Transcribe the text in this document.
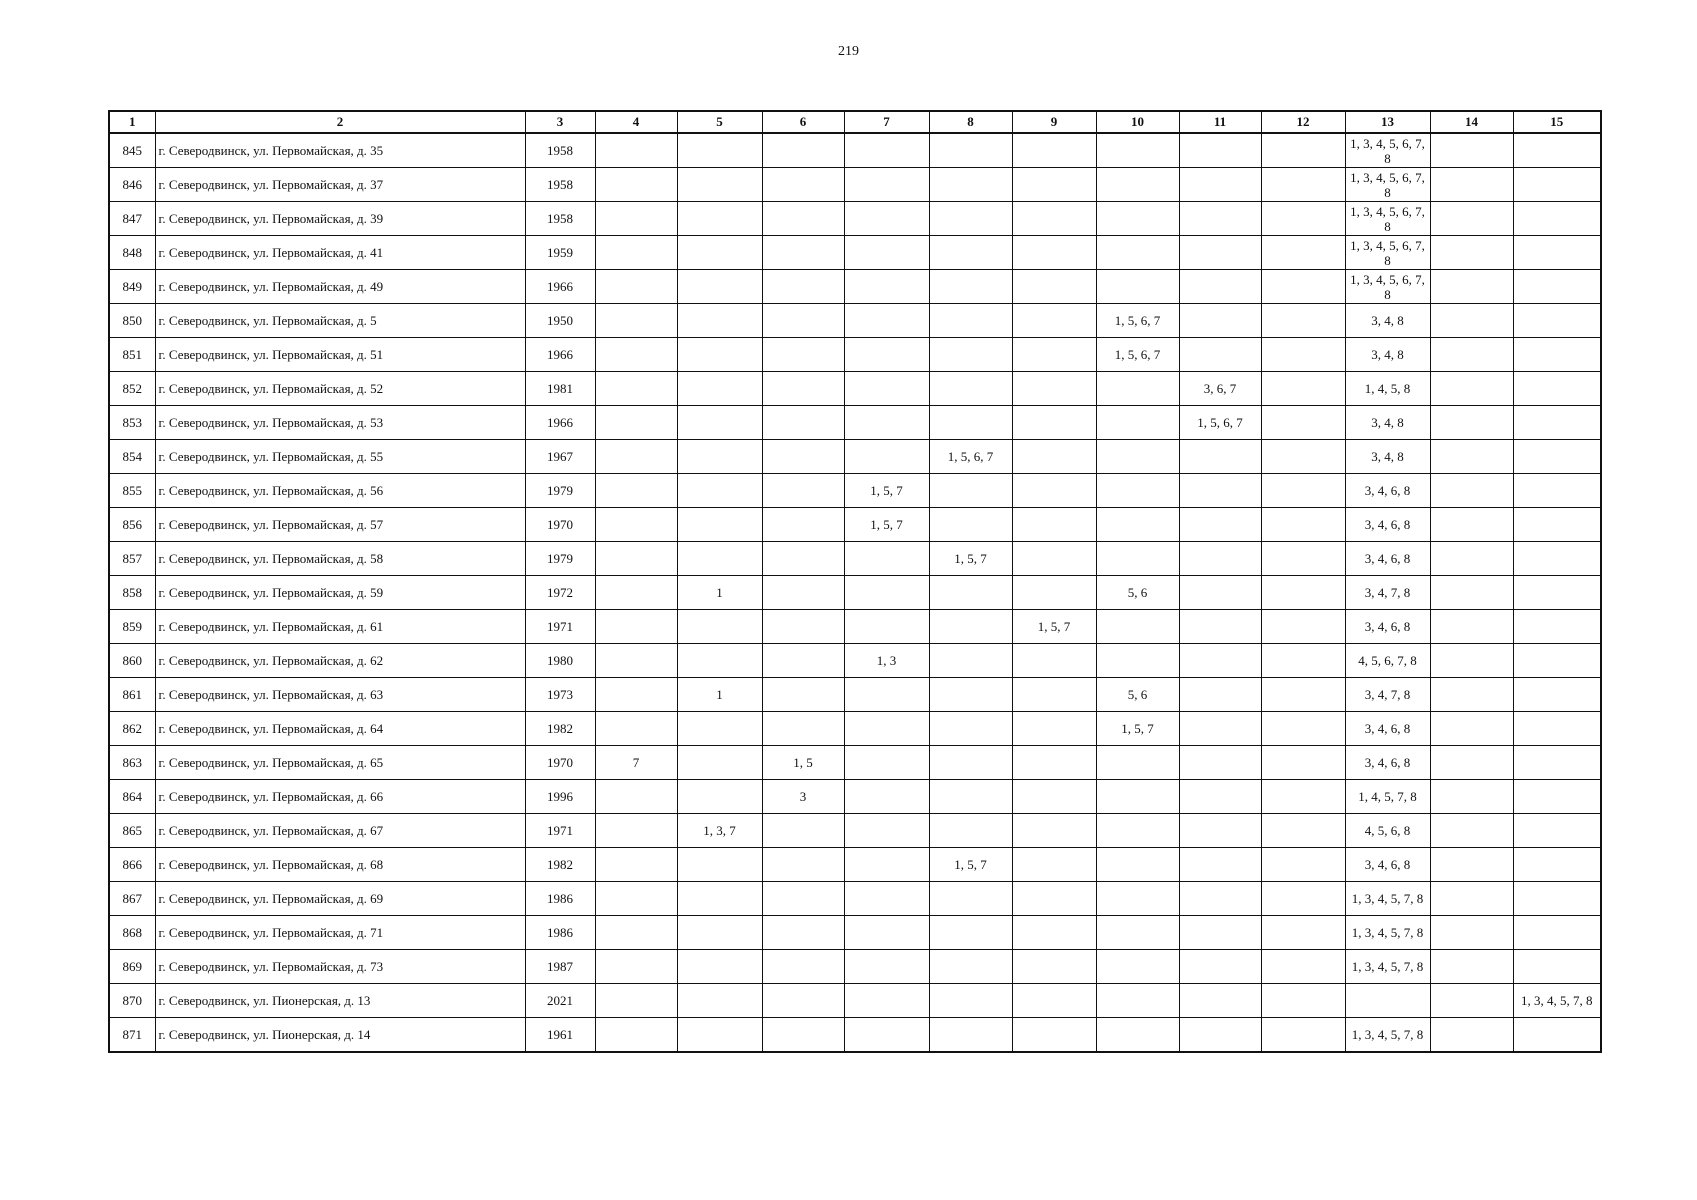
219
1	2	3	4	5	6	7	8	9	10	11	12	13	14	15
845	г. Северодвинск, ул. Первомайская, д. 35	1958										1, 3, 4, 5, 6, 7, 8		
846	г. Северодвинск, ул. Первомайская, д. 37	1958										1, 3, 4, 5, 6, 7, 8		
847	г. Северодвинск, ул. Первомайская, д. 39	1958										1, 3, 4, 5, 6, 7, 8		
848	г. Северодвинск, ул. Первомайская, д. 41	1959										1, 3, 4, 5, 6, 7, 8		
849	г. Северодвинск, ул. Первомайская, д. 49	1966										1, 3, 4, 5, 6, 7, 8		
850	г. Северодвинск, ул. Первомайская, д. 5	1950							1, 5, 6, 7			3, 4, 8		
851	г. Северодвинск, ул. Первомайская, д. 51	1966							1, 5, 6, 7			3, 4, 8		
852	г. Северодвинск, ул. Первомайская, д. 52	1981								3, 6, 7		1, 4, 5, 8		
853	г. Северодвинск, ул. Первомайская, д. 53	1966								1, 5, 6, 7		3, 4, 8		
854	г. Северодвинск, ул. Первомайская, д. 55	1967					1, 5, 6, 7					3, 4, 8		
855	г. Северодвинск, ул. Первомайская, д. 56	1979				1, 5, 7						3, 4, 6, 8		
856	г. Северодвинск, ул. Первомайская, д. 57	1970				1, 5, 7						3, 4, 6, 8		
857	г. Северодвинск, ул. Первомайская, д. 58	1979					1, 5, 7					3, 4, 6, 8		
858	г. Северодвинск, ул. Первомайская, д. 59	1972		1					5, 6			3, 4, 7, 8		
859	г. Северодвинск, ул. Первомайская, д. 61	1971						1, 5, 7				3, 4, 6, 8		
860	г. Северодвинск, ул. Первомайская, д. 62	1980				1, 3						4, 5, 6, 7, 8		
861	г. Северодвинск, ул. Первомайская, д. 63	1973		1					5, 6			3, 4, 7, 8		
862	г. Северодвинск, ул. Первомайская, д. 64	1982							1, 5, 7			3, 4, 6, 8		
863	г. Северодвинск, ул. Первомайская, д. 65	1970	7		1, 5							3, 4, 6, 8		
864	г. Северодвинск, ул. Первомайская, д. 66	1996			3							1, 4, 5, 7, 8		
865	г. Северодвинск, ул. Первомайская, д. 67	1971		1, 3, 7								4, 5, 6, 8		
866	г. Северодвинск, ул. Первомайская, д. 68	1982					1, 5, 7					3, 4, 6, 8		
867	г. Северодвинск, ул. Первомайская, д. 69	1986										1, 3, 4, 5, 7, 8		
868	г. Северодвинск, ул. Первомайская, д. 71	1986										1, 3, 4, 5, 7, 8		
869	г. Северодвинск, ул. Первомайская, д. 73	1987										1, 3, 4, 5, 7, 8		
870	г. Северодвинск, ул. Пионерская, д. 13	2021												1, 3, 4, 5, 7, 8
871	г. Северодвинск, ул. Пионерская, д. 14	1961										1, 3, 4, 5, 7, 8		
